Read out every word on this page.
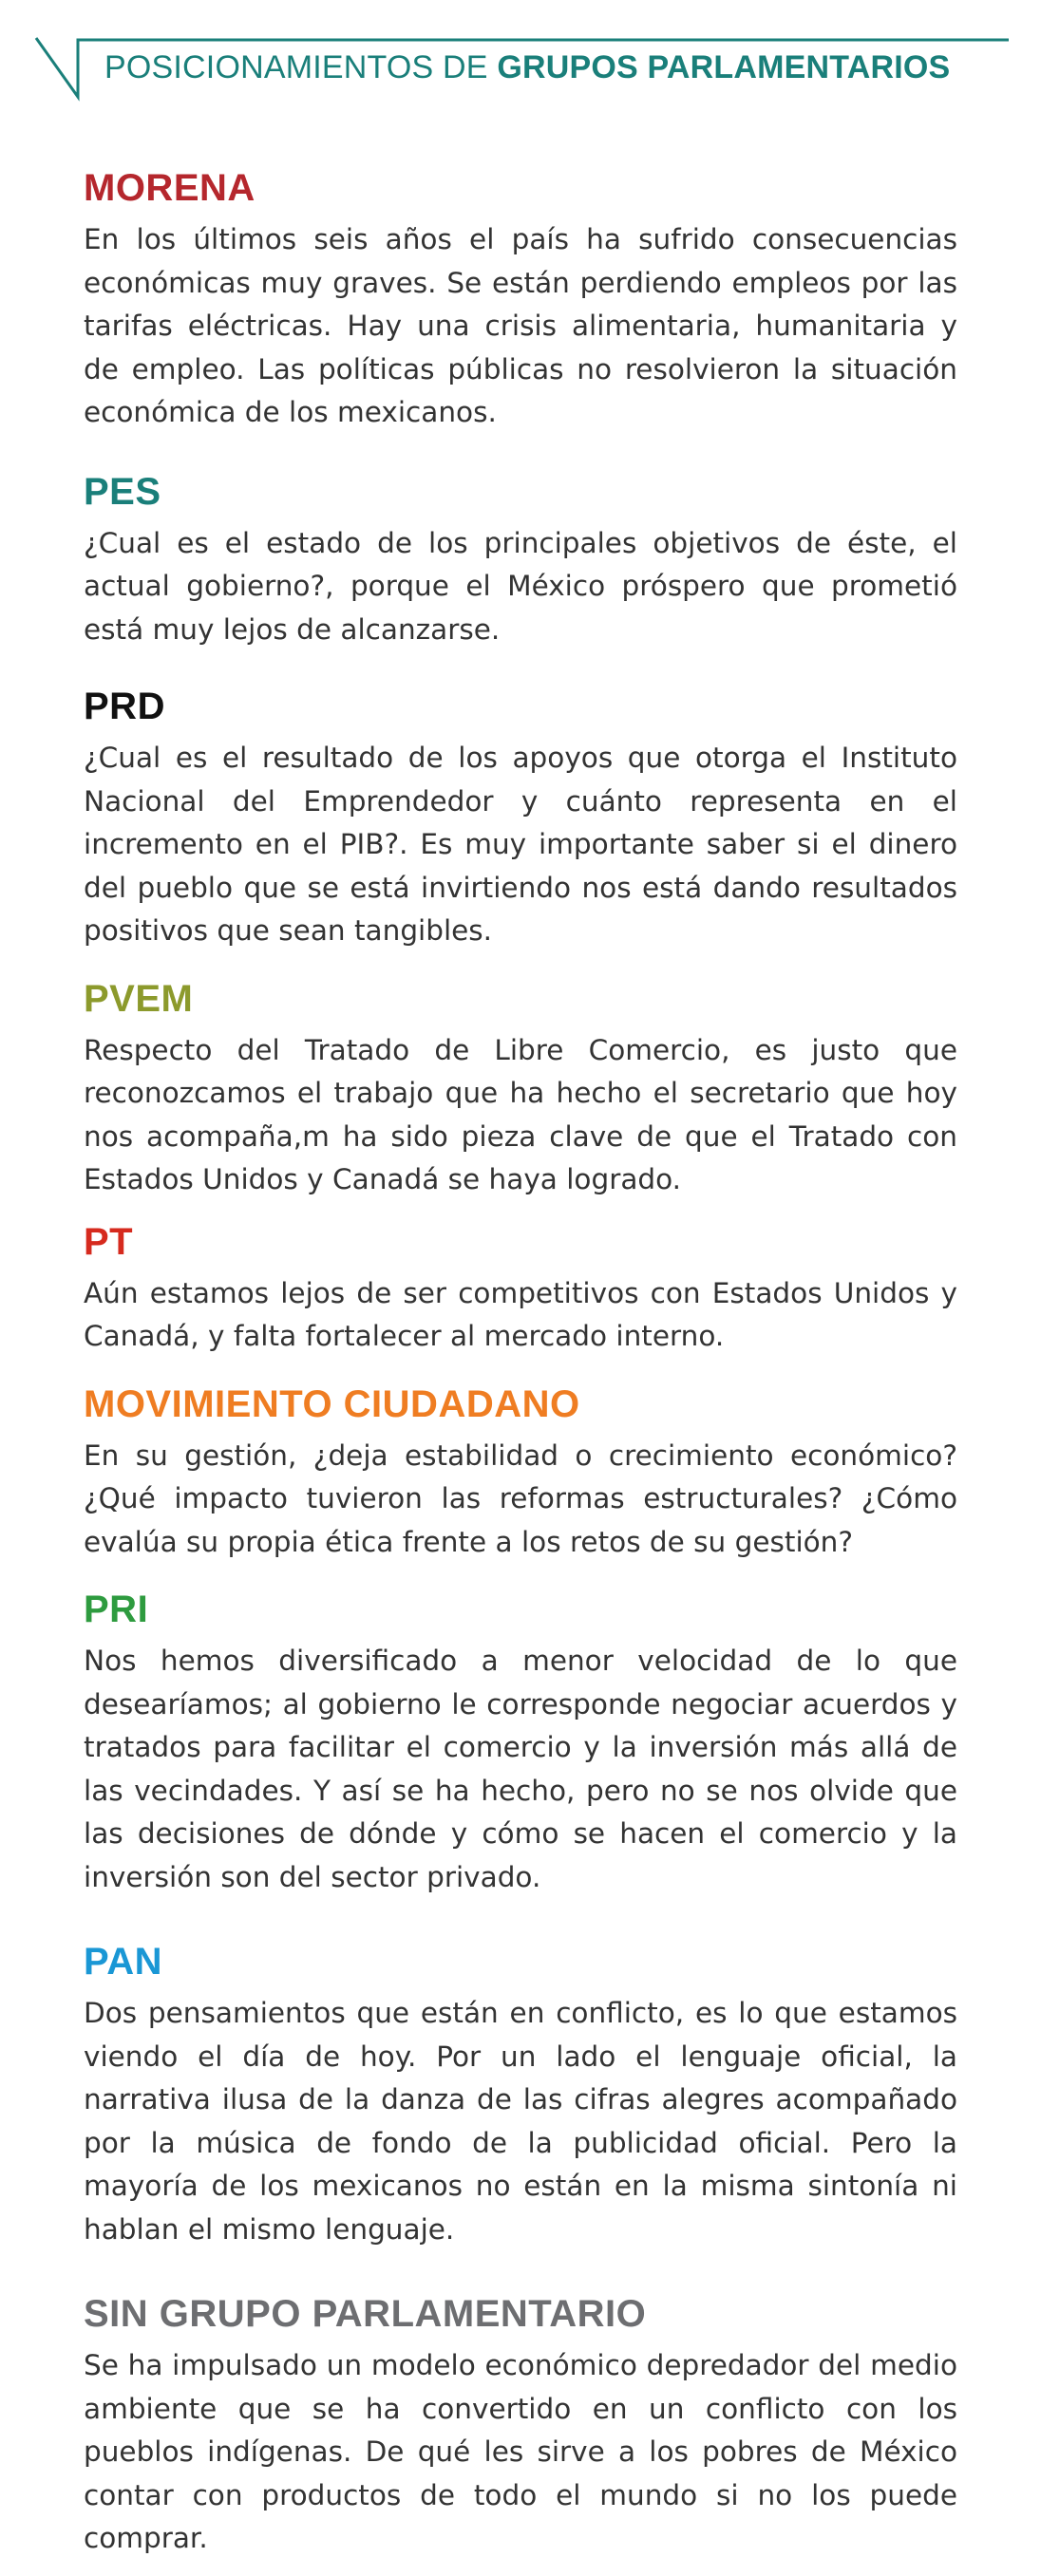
POSICIONAMIENTOS DE GRUPOS PARLAMENTARIOS
MORENA

En los últimos seis años el país ha sufrido consecuencias económicas muy graves. Se están perdiendo empleos por las tarifas eléctricas. Hay una crisis alimentaria, humanitaria y de empleo. Las políticas públicas no resolvieron la situación económica de los mexicanos.

PES

¿Cual es el estado de los principales objetivos de éste, el actual gobierno?, porque el México próspero que prometió está muy lejos de alcanzarse.

PRD

¿Cual es el resultado de los apoyos que otorga el Instituto Nacional del Emprendedor y cuánto representa en el incremento en el PIB?. Es muy importante saber si el dinero del pueblo que se está invirtiendo nos está dando resultados positivos que sean tangibles.

PVEM

Respecto del Tratado de Libre Comercio, es justo que reconozcamos el trabajo que ha hecho el secretario que hoy nos acompaña,m ha sido pieza clave de que el Tratado con Estados Unidos y Canadá se haya logrado.

PT

Aún estamos lejos de ser competitivos con Estados Unidos y Canadá, y falta fortalecer al mercado interno.

MOVIMIENTO CIUDADANO

En su gestión, ¿deja estabilidad o crecimiento económico? ¿Qué impacto tuvieron las reformas estructurales? ¿Cómo evalúa su propia ética frente a los retos de su gestión?

PRI

Nos hemos diversificado a menor velocidad de lo que desearíamos; al gobierno le corresponde negociar acuerdos y tratados para facilitar el comercio y la inversión más allá de las vecindades. Y así se ha hecho, pero no se nos olvide que las decisiones de dónde y cómo se hacen el comercio y la inversión son del sector privado.

PAN

Dos pensamientos que están en conflicto, es lo que estamos viendo el día de hoy. Por un lado el lenguaje oficial, la narrativa ilusa de la danza de las cifras alegres acompañado por la música de fondo de la publicidad oficial. Pero la mayoría de los mexicanos no están en la misma sintonía ni hablan el mismo lenguaje.

SIN GRUPO PARLAMENTARIO

Se ha impulsado un modelo económico depredador del medio ambiente que se ha convertido en un conflicto con los pueblos indígenas. De qué les sirve a los pobres de México contar con productos de todo el mundo si no los puede comprar.
